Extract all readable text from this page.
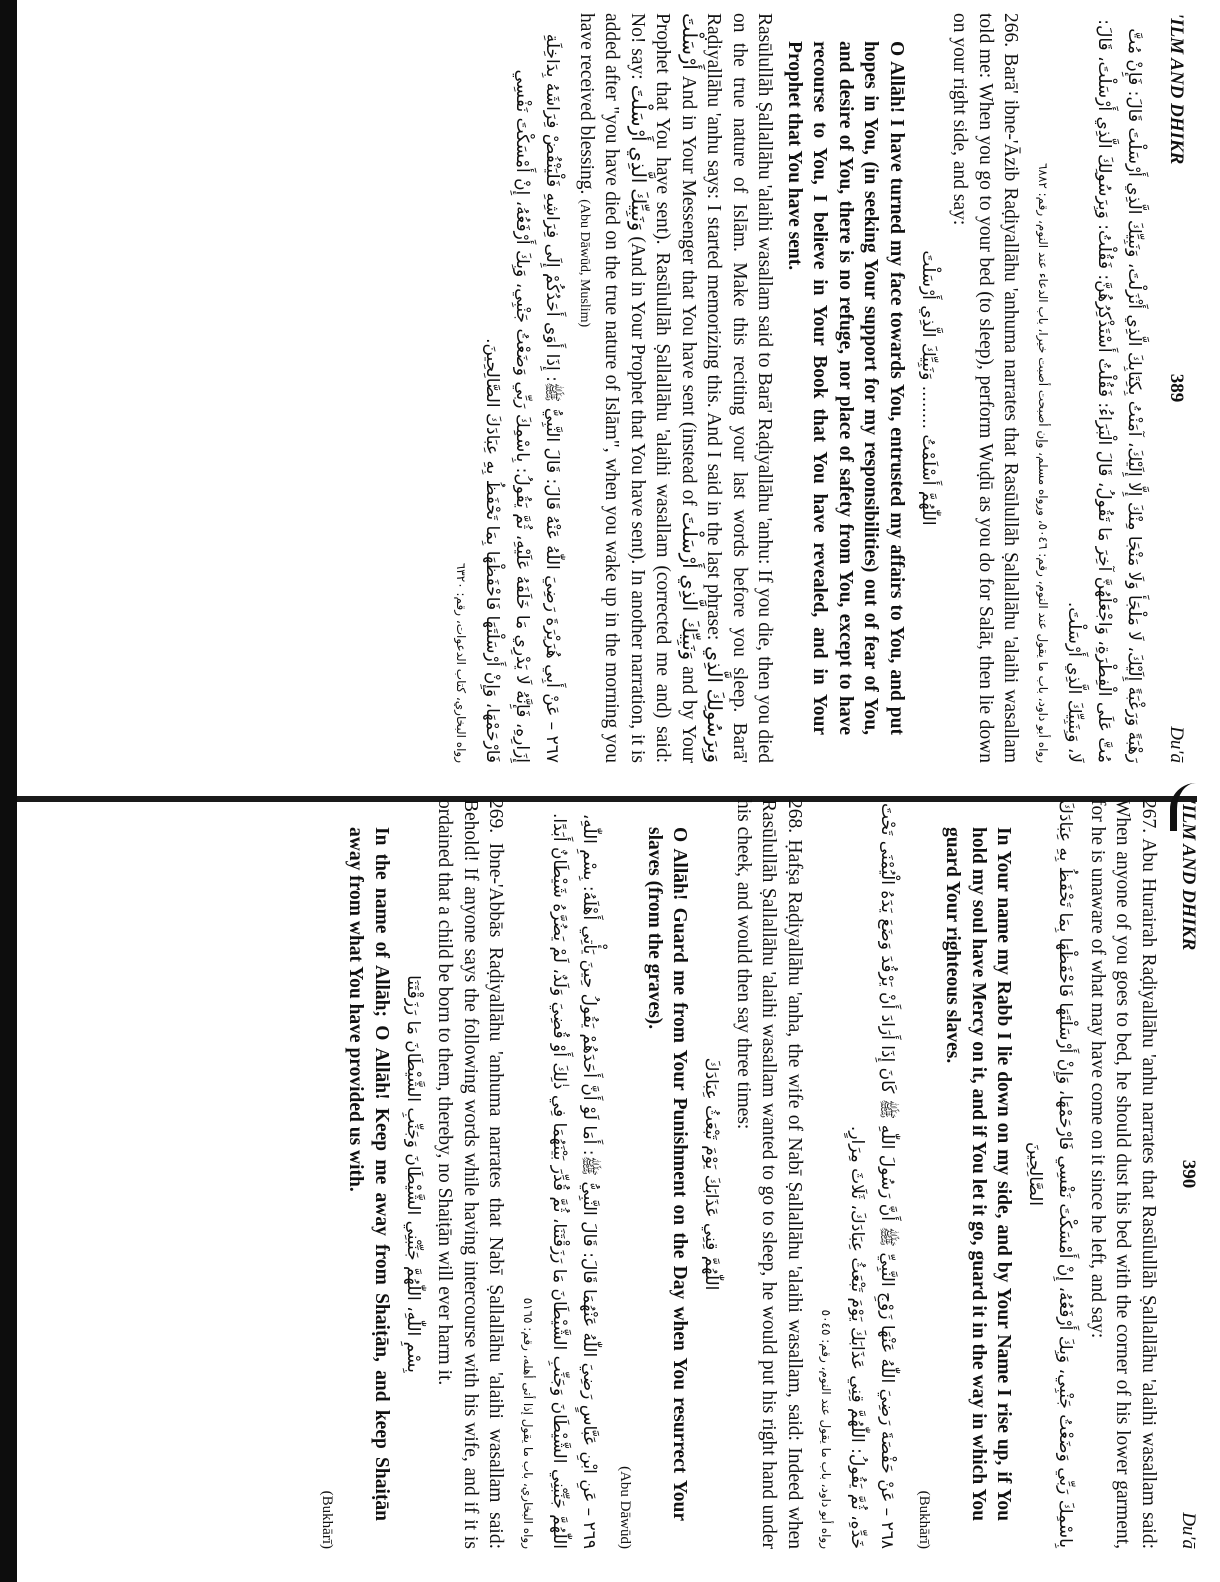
'ILM AND DHIKR
389
Du'ā

رَهْبَةً وَرَغْبَةً إِلَيْكَ، لَا مَلْجَأَ وَلَا مَنْجَا مِنْكَ إِلَّا إِلَيْكَ، آمَنْتُ بِكِتَابِكَ الَّذِي أَنْزَلْتَ، وَنَبِيِّكَ الَّذِي أَرْسَلْتَ قَالَ: فَإِنْ مُتَّ مُتَّ عَلَى الْفِطْرَةِ، وَاجْعَلْهُنَّ آخِرَ مَا تَقُولُ، قَالَ الْبَرَاءُ: فَقُلْتُ أَسْتَذْكِرُهُنَّ: فَقُلْتُ: وَبِرَسُولِكَ الَّذِي أَرْسَلْتَ، قَالَ: لَا، وَبِنَبِيِّكَ الَّذِي أَرْسَلْتَ.

رواه أبو داود، باب ما يقول عند النوم، رقم: ٥٠٤٦، ورواه مسلم، وإن أصبحت أصبت خيرا، باب الدعاء عند النوم، رقم: ٦٨٨٢

266. Barā' ibne-'Āzib Raḍiyallāhu 'anhuma narrates that Rasūlullāh Ṣallallāhu 'alaihi wasallam told me: When you go to your bed (to sleep), perform Wuḍū as you do for Salāt, then lie down on your right side, and say:

اللّٰهُمَّ أَسْلَمْتُ ........ وَنَبِيِّكَ الَّذِي أَرْسَلْتَ

O Allāh! I have turned my face towards You, entrusted my affairs to You, and put hopes in You, (in seeking Your support for my responsibilities) out of fear of You, and desire of You, there is no refuge, nor place of safety from You, except to have recourse to You, I believe in Your Book that You have revealed, and in Your Prophet that You have sent.

Rasūlullāh Ṣallallāhu 'alaihi wasallam said to Barā' Raḍiyallāhu 'anhu: If you die, then you died on the true nature of Islām. Make this reciting your last words before you sleep. Barā' Raḍiyallāhu 'anhu says: I started memorizing this. And I said in the last phrase: وَبِرَسُولِكَ الَّذِي أَرْسَلْتَ And in Your Messenger that You have sent (instead of وَنَبِيِّكَ الَّذِي أَرْسَلْتَ and by Your Prophet that You have sent). Rasūlullāh Ṣallallāhu 'alaihi wasallam (corrected me and) said: No! say: وَنَبِيِّكَ الَّذِي أَرْسَلْتَ (And in Your Prophet that You have sent). In another narration, it is added after "you have died on the true nature of Islām", when you wake up in the morning you have received blessing. (Abu Dāwūd, Muslim)

٢٦٧ – عَنْ أَبِي هُرَيْرَةَ رَضِيَ اللّٰهُ عَنْهُ قَالَ: قَالَ النَّبِيُّ ﷺ: إِذَا أَوَى أَحَدُكُمْ إِلَى فِرَاشِهِ فَلْيَنْفُضْ فِرَاشَهُ بِدَاخِلَةِ إِزَارِهِ، فَإِنَّهُ لَا يَدْرِي مَا خَلَفَهُ عَلَيْهِ، ثُمَّ يَقُولُ: بِاسْمِكَ رَبِّي وَضَعْتُ جَنْبِي، وَبِكَ أَرْفَعُهُ، إِنْ أَمْسَكْتَ نَفْسِي فَارْحَمْهَا، وَإِنْ أَرْسَلْتَهَا فَاحْفَظْهَا بِمَا تَحْفَظُ بِهِ عِبَادَكَ الصَّالِحِينَ.

رواه البخاري، كتاب الدعوات، رقم: ٦٣٢٠

'ILM AND DHIKR
390
Du'ā

267. Abu Hurairah Raḍiyallāhu 'anhu narrates that Rasūlullāh Ṣallallāhu 'alaihi wasallam said: When anyone of you goes to bed, he should dust his bed with the corner of his lower garment, for he is unaware of what may have come on it since he left, and say:

بِاسْمِكَ رَبِّي وَضَعْتُ جَنْبِي، وَبِكَ أَرْفَعُهُ، إِنْ أَمْسَكْتَ نَفْسِي فَارْحَمْهَا، وَإِنْ أَرْسَلْتَهَا فَاحْفَظْهَا بِمَا تَحْفَظُ بِهِ عِبَادَكَ الصَّالِحِينَ

In Your name my Rabb I lie down on my side, and by Your Name I rise up, if You hold my soul have Mercy on it, and if You let it go, guard it in the way in which You guard Your righteous slaves.

(Bukhārī)

٢٦٨ – عَنْ حَفْصَةَ رَضِيَ اللّٰهُ عَنْهَا زَوْجِ النَّبِيِّ ﷺ أَنَّ رَسُولَ اللّٰهِ ﷺ كَانَ إِذَا أَرَادَ أَنْ يَرْقُدَ وَضَعَ يَدَهُ الْيُمْنَى تَحْتَ خَدِّهِ، ثُمَّ يَقُولُ: اللّٰهُمَّ قِنِي عَذَابَكَ يَوْمَ تَبْعَثُ عِبَادَكَ، ثَلَاثَ مِرَارٍ.

رواه أبو داود، باب ما يقول عند النوم، رقم: ٥٠٤٥

268. Ḥafṣa Raḍiyallāhu 'anha, the wife of Nabī Ṣallallāhu 'alaihi wasallam, said: Indeed when Rasūlullāh Ṣallallāhu 'alaihi wasallam wanted to go to sleep, he would put his right hand under his cheek, and would then say three times:

اللّٰهُمَّ قِنِي عَذَابَكَ يَوْمَ تَبْعَثُ عِبَادَكَ

O Allāh! Guard me from Your Punishment on the Day when You resurrect Your slaves (from the graves).

(Abu Dāwūd)

٢٦٩ – عَنِ ابْنِ عَبَّاسٍ رَضِيَ اللّٰهُ عَنْهُمَا قَالَ: قَالَ النَّبِيُّ ﷺ: أَمَا لَوْ أَنَّ أَحَدَهُمْ يَقُولُ حِينَ يَأْتِي أَهْلَهُ: بِسْمِ اللّٰهِ، اللّٰهُمَّ جَنِّبْنِي الشَّيْطَانَ وَجَنِّبِ الشَّيْطَانَ مَا رَزَقْتَنَا، ثُمَّ قُدِّرَ بَيْنَهُمَا فِي ذٰلِكَ أَوْ قُضِيَ وَلَدٌ، لَمْ يَضُرَّهُ شَيْطَانٌ أَبَدًا.

رواه البخاري، باب ما يقول إذا أتى أهله، رقم: ٥١٦٥

269. Ibne-'Abbās Raḍiyallāhu 'anhuma narrates that Nabī Ṣallallāhu 'alaihi wasallam said: Behold! If anyone says the following words while having intercourse with his wife, and if it is ordained that a child be born to them, thereby, no Shaiṭān will ever harm it.

بِسْمِ اللّٰهِ، اللّٰهُمَّ جَنِّبْنِي الشَّيْطَانَ وَجَنِّبِ الشَّيْطَانَ مَا رَزَقْتَنَا

In the name of Allāh; O Allāh! Keep me away from Shaiṭān, and keep Shaiṭān away from what You have provided us with.

(Bukhārī)
